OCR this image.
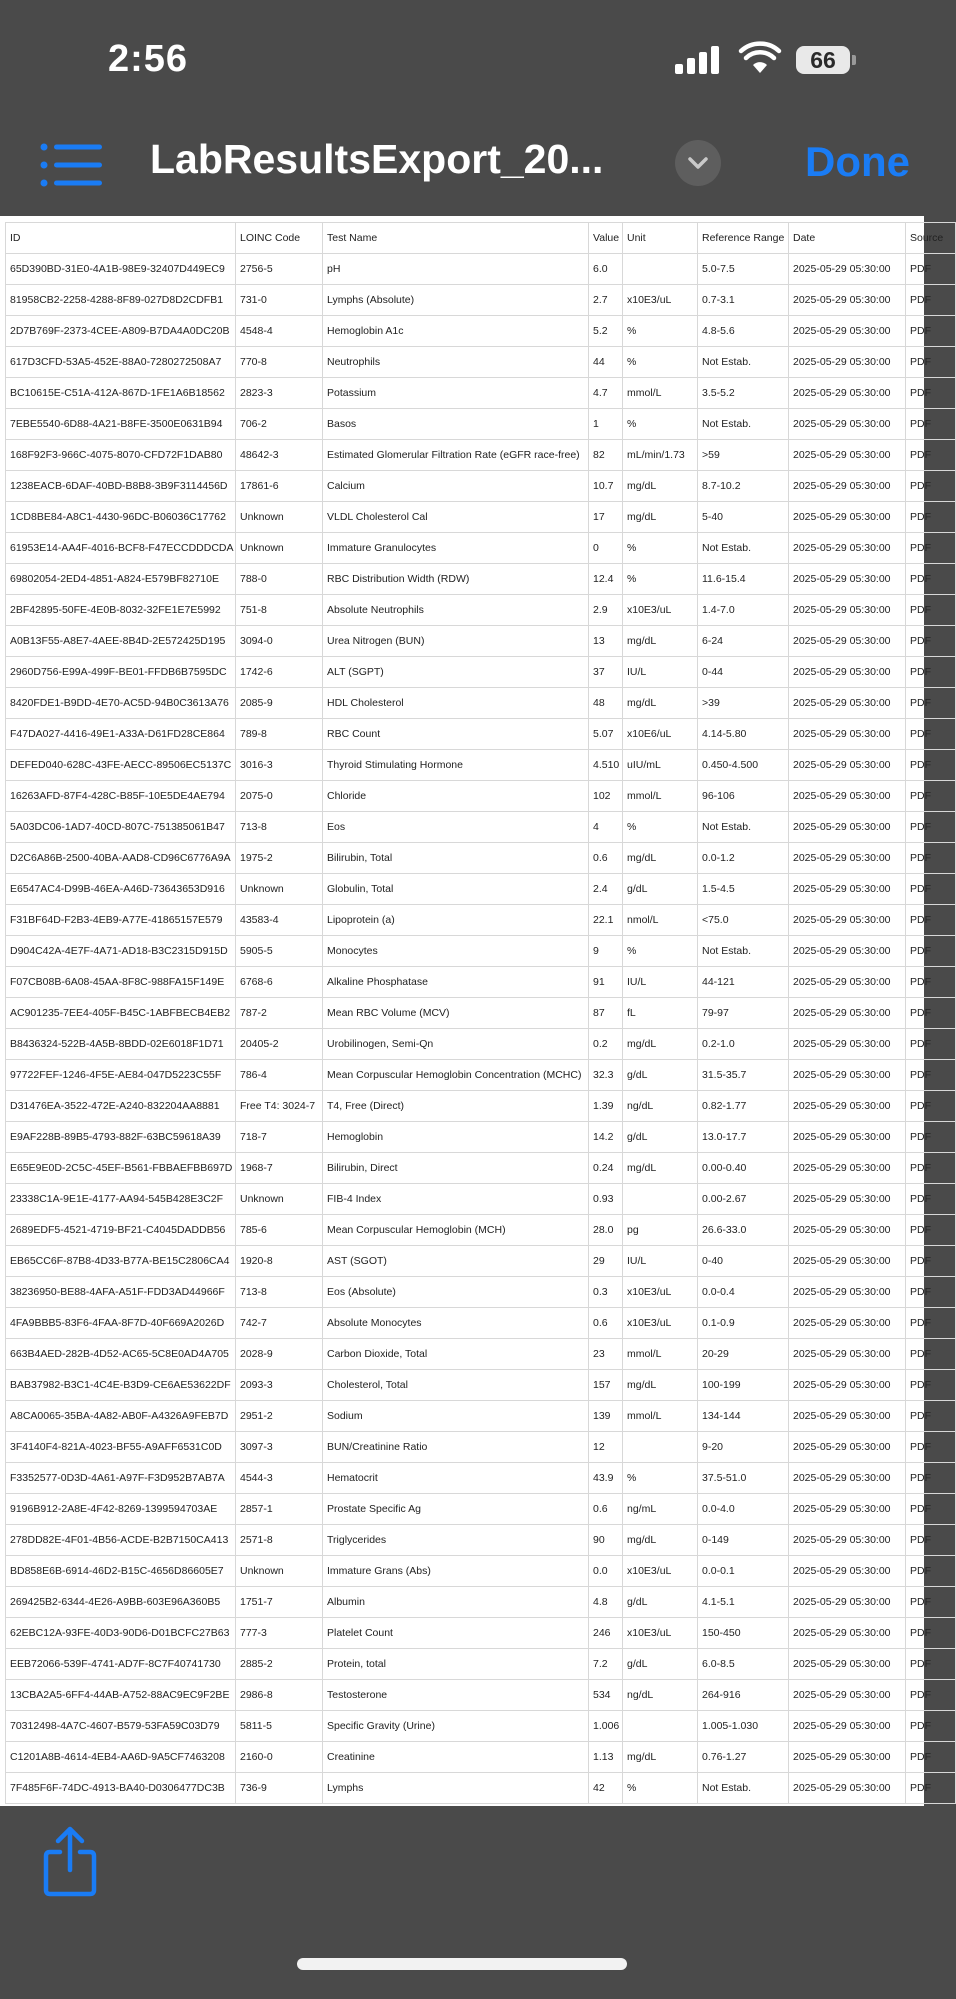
2:56	66
LabResultsExport_20...	Done
ID	LOINC Code	Test Name	Value	Unit	Reference Range	Date	Source
65D390BD-31E0-4A1B-98E9-32407D449EC9	2756-5	pH	6.0		5.0-7.5	2025-05-29 05:30:00	PDF
81958CB2-2258-4288-8F89-027D8D2CDFB1	731-0	Lymphs (Absolute)	2.7	x10E3/uL	0.7-3.1	2025-05-29 05:30:00	PDF
2D7B769F-2373-4CEE-A809-B7DA4A0DC20B	4548-4	Hemoglobin A1c	5.2	%	4.8-5.6	2025-05-29 05:30:00	PDF
617D3CFD-53A5-452E-88A0-7280272508A7	770-8	Neutrophils	44	%	Not Estab.	2025-05-29 05:30:00	PDF
BC10615E-C51A-412A-867D-1FE1A6B18562	2823-3	Potassium	4.7	mmol/L	3.5-5.2	2025-05-29 05:30:00	PDF
7EBE5540-6D88-4A21-B8FE-3500E0631B94	706-2	Basos	1	%	Not Estab.	2025-05-29 05:30:00	PDF
168F92F3-966C-4075-8070-CFD72F1DAB80	48642-3	Estimated Glomerular Filtration Rate (eGFR race-free)	82	mL/min/1.73	>59	2025-05-29 05:30:00	PDF
1238EACB-6DAF-40BD-B8B8-3B9F3114456D	17861-6	Calcium	10.7	mg/dL	8.7-10.2	2025-05-29 05:30:00	PDF
1CD8BE84-A8C1-4430-96DC-B06036C17762	Unknown	VLDL Cholesterol Cal	17	mg/dL	5-40	2025-05-29 05:30:00	PDF
61953E14-AA4F-4016-BCF8-F47ECCDDDCDA	Unknown	Immature Granulocytes	0	%	Not Estab.	2025-05-29 05:30:00	PDF
69802054-2ED4-4851-A824-E579BF82710E	788-0	RBC Distribution Width (RDW)	12.4	%	11.6-15.4	2025-05-29 05:30:00	PDF
2BF42895-50FE-4E0B-8032-32FE1E7E5992	751-8	Absolute Neutrophils	2.9	x10E3/uL	1.4-7.0	2025-05-29 05:30:00	PDF
A0B13F55-A8E7-4AEE-8B4D-2E572425D195	3094-0	Urea Nitrogen (BUN)	13	mg/dL	6-24	2025-05-29 05:30:00	PDF
2960D756-E99A-499F-BE01-FFDB6B7595DC	1742-6	ALT (SGPT)	37	IU/L	0-44	2025-05-29 05:30:00	PDF
8420FDE1-B9DD-4E70-AC5D-94B0C3613A76	2085-9	HDL Cholesterol	48	mg/dL	>39	2025-05-29 05:30:00	PDF
F47DA027-4416-49E1-A33A-D61FD28CE864	789-8	RBC Count	5.07	x10E6/uL	4.14-5.80	2025-05-29 05:30:00	PDF
DEFED040-628C-43FE-AECC-89506EC5137C	3016-3	Thyroid Stimulating Hormone	4.510	uIU/mL	0.450-4.500	2025-05-29 05:30:00	PDF
16263AFD-87F4-428C-B85F-10E5DE4AE794	2075-0	Chloride	102	mmol/L	96-106	2025-05-29 05:30:00	PDF
5A03DC06-1AD7-40CD-807C-751385061B47	713-8	Eos	4	%	Not Estab.	2025-05-29 05:30:00	PDF
D2C6A86B-2500-40BA-AAD8-CD96C6776A9A	1975-2	Bilirubin, Total	0.6	mg/dL	0.0-1.2	2025-05-29 05:30:00	PDF
E6547AC4-D99B-46EA-A46D-73643653D916	Unknown	Globulin, Total	2.4	g/dL	1.5-4.5	2025-05-29 05:30:00	PDF
F31BF64D-F2B3-4EB9-A77E-41865157E579	43583-4	Lipoprotein (a)	22.1	nmol/L	<75.0	2025-05-29 05:30:00	PDF
D904C42A-4E7F-4A71-AD18-B3C2315D915D	5905-5	Monocytes	9	%	Not Estab.	2025-05-29 05:30:00	PDF
F07CB08B-6A08-45AA-8F8C-988FA15F149E	6768-6	Alkaline Phosphatase	91	IU/L	44-121	2025-05-29 05:30:00	PDF
AC901235-7EE4-405F-B45C-1ABFBECB4EB2	787-2	Mean RBC Volume (MCV)	87	fL	79-97	2025-05-29 05:30:00	PDF
B8436324-522B-4A5B-8BDD-02E6018F1D71	20405-2	Urobilinogen, Semi-Qn	0.2	mg/dL	0.2-1.0	2025-05-29 05:30:00	PDF
97722FEF-1246-4F5E-AE84-047D5223C55F	786-4	Mean Corpuscular Hemoglobin Concentration (MCHC)	32.3	g/dL	31.5-35.7	2025-05-29 05:30:00	PDF
D31476EA-3522-472E-A240-832204AA8881	Free T4: 3024-7	T4, Free (Direct)	1.39	ng/dL	0.82-1.77	2025-05-29 05:30:00	PDF
E9AF228B-89B5-4793-882F-63BC59618A39	718-7	Hemoglobin	14.2	g/dL	13.0-17.7	2025-05-29 05:30:00	PDF
E65E9E0D-2C5C-45EF-B561-FBBAEFBB697D	1968-7	Bilirubin, Direct	0.24	mg/dL	0.00-0.40	2025-05-29 05:30:00	PDF
23338C1A-9E1E-4177-AA94-545B428E3C2F	Unknown	FIB-4 Index	0.93		0.00-2.67	2025-05-29 05:30:00	PDF
2689EDF5-4521-4719-BF21-C4045DADDB56	785-6	Mean Corpuscular Hemoglobin (MCH)	28.0	pg	26.6-33.0	2025-05-29 05:30:00	PDF
EB65CC6F-87B8-4D33-B77A-BE15C2806CA4	1920-8	AST (SGOT)	29	IU/L	0-40	2025-05-29 05:30:00	PDF
38236950-BE88-4AFA-A51F-FDD3AD44966F	713-8	Eos (Absolute)	0.3	x10E3/uL	0.0-0.4	2025-05-29 05:30:00	PDF
4FA9BBB5-83F6-4FAA-8F7D-40F669A2026D	742-7	Absolute Monocytes	0.6	x10E3/uL	0.1-0.9	2025-05-29 05:30:00	PDF
663B4AED-282B-4D52-AC65-5C8E0AD4A705	2028-9	Carbon Dioxide, Total	23	mmol/L	20-29	2025-05-29 05:30:00	PDF
BAB37982-B3C1-4C4E-B3D9-CE6AE53622DF	2093-3	Cholesterol, Total	157	mg/dL	100-199	2025-05-29 05:30:00	PDF
A8CA0065-35BA-4A82-AB0F-A4326A9FEB7D	2951-2	Sodium	139	mmol/L	134-144	2025-05-29 05:30:00	PDF
3F4140F4-821A-4023-BF55-A9AFF6531C0D	3097-3	BUN/Creatinine Ratio	12		9-20	2025-05-29 05:30:00	PDF
F3352577-0D3D-4A61-A97F-F3D952B7AB7A	4544-3	Hematocrit	43.9	%	37.5-51.0	2025-05-29 05:30:00	PDF
9196B912-2A8E-4F42-8269-1399594703AE	2857-1	Prostate Specific Ag	0.6	ng/mL	0.0-4.0	2025-05-29 05:30:00	PDF
278DD82E-4F01-4B56-ACDE-B2B7150CA413	2571-8	Triglycerides	90	mg/dL	0-149	2025-05-29 05:30:00	PDF
BD858E6B-6914-46D2-B15C-4656D86605E7	Unknown	Immature Grans (Abs)	0.0	x10E3/uL	0.0-0.1	2025-05-29 05:30:00	PDF
269425B2-6344-4E26-A9BB-603E96A360B5	1751-7	Albumin	4.8	g/dL	4.1-5.1	2025-05-29 05:30:00	PDF
62EBC12A-93FE-40D3-90D6-D01BCFC27B63	777-3	Platelet Count	246	x10E3/uL	150-450	2025-05-29 05:30:00	PDF
EEB72066-539F-4741-AD7F-8C7F40741730	2885-2	Protein, total	7.2	g/dL	6.0-8.5	2025-05-29 05:30:00	PDF
13CBA2A5-6FF4-44AB-A752-88AC9EC9F2BE	2986-8	Testosterone	534	ng/dL	264-916	2025-05-29 05:30:00	PDF
70312498-4A7C-4607-B579-53FA59C03D79	5811-5	Specific Gravity (Urine)	1.006		1.005-1.030	2025-05-29 05:30:00	PDF
C1201A8B-4614-4EB4-AA6D-9A5CF7463208	2160-0	Creatinine	1.13	mg/dL	0.76-1.27	2025-05-29 05:30:00	PDF
7F485F6F-74DC-4913-BA40-D0306477DC3B	736-9	Lymphs	42	%	Not Estab.	2025-05-29 05:30:00	PDF
